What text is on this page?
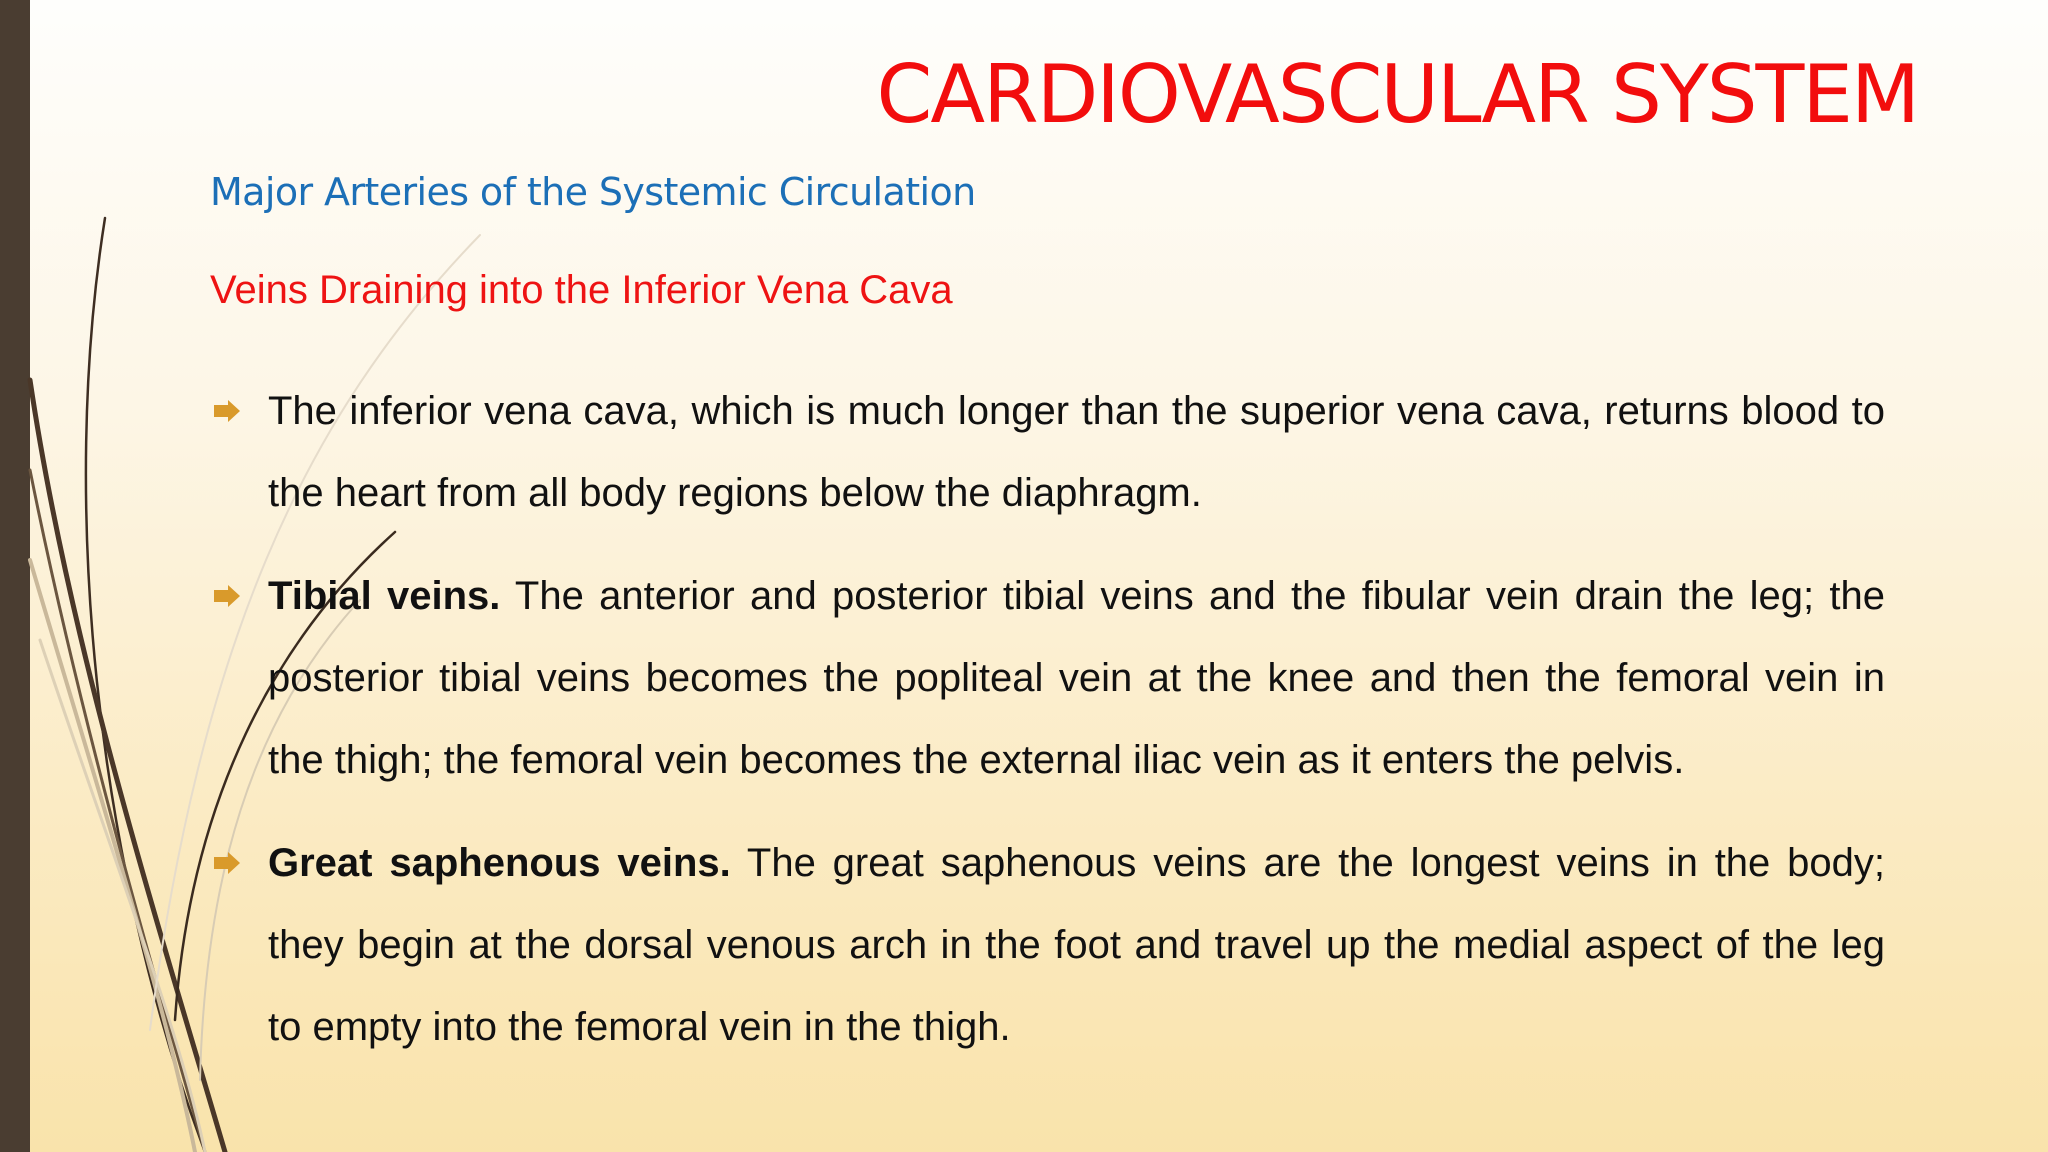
CARDIOVASCULAR SYSTEM
Major Arteries of the Systemic Circulation
Veins Draining into the Inferior Vena Cava
The inferior vena cava, which is much longer than the superior vena cava, returns blood to the heart from all body regions below the diaphragm.
Tibial veins. The anterior and posterior tibial veins and the fibular vein drain the leg; the posterior tibial veins becomes the popliteal vein at the knee and then the femoral vein in the thigh; the femoral vein becomes the external iliac vein as it enters the pelvis.
Great saphenous veins. The great saphenous veins are the longest veins in the body; they begin at the dorsal venous arch in the foot and travel up the medial aspect of the leg to empty into the femoral vein in the thigh.
